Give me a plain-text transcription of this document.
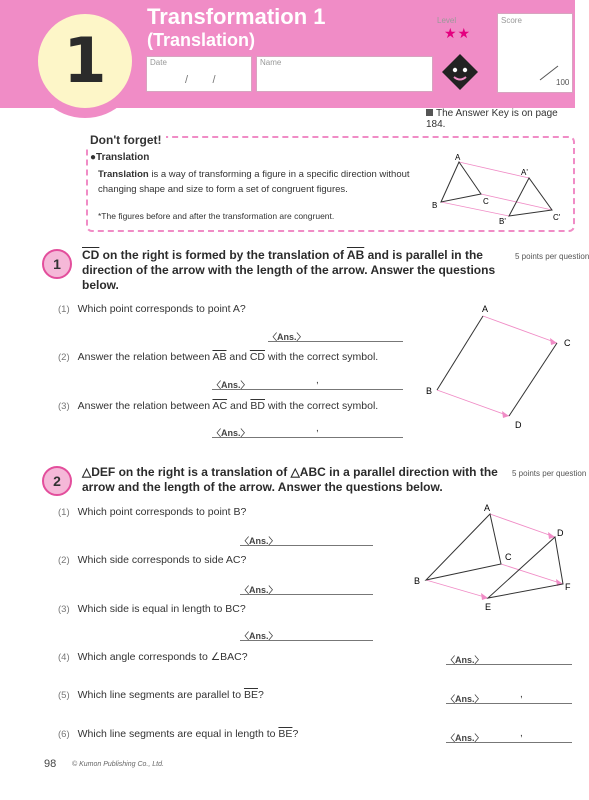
1
Transformation 1
(Translation)
Date
/        /
Name
Level
★★
Score
100
The Answer Key is on page 184.
Don't forget!
●Translation
Translation is a way of transforming a figure in a specific direction without changing shape and size to form a set of congruent figures.
*The figures before and after the transformation are congruent.
A
B	C
A'
B'	C'
1
$\overline{CD}$ on the right is formed by the translation of $\overline{AB}$ and is parallel in the direction of the arrow with the length of the arrow. Answer the questions below.
5 points per question
(1) Which point corresponds to point A?
〈Ans.〉
(2) Answer the relation between $\overline{AB}$ and $\overline{CD}$ with the correct symbol.
〈Ans.〉	,
(3) Answer the relation between $\overline{AC}$ and $\overline{BD}$ with the correct symbol.
〈Ans.〉	,
A
B
C
D
2
△DEF on the right is a translation of △ABC in a parallel direction with the arrow and the length of the arrow. Answer the questions below.
5 points per question
(1) Which point corresponds to point B?
〈Ans.〉
(2) Which side corresponds to side AC?
〈Ans.〉
(3) Which side is equal in length to BC?
〈Ans.〉
(4) Which angle corresponds to ∠BAC?	〈Ans.〉
(5) Which line segments are parallel to $\overline{BE}$?	〈Ans.〉	,
(6) Which line segments are equal in length to $\overline{BE}$?	〈Ans.〉	,
A
B
C
D
E
F
98 © Kumon Publishing Co., Ltd.
